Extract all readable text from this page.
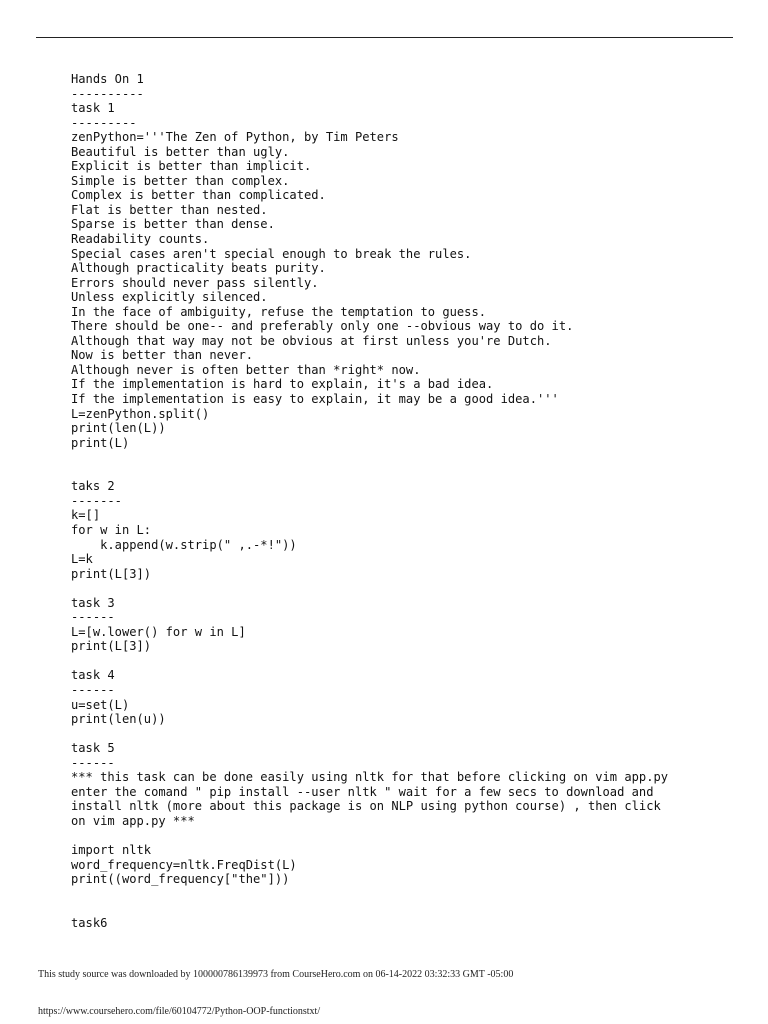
Hands On 1
----------
task 1
---------
zenPython='''The Zen of Python, by Tim Peters
Beautiful is better than ugly.
Explicit is better than implicit.
Simple is better than complex.
Complex is better than complicated.
Flat is better than nested.
Sparse is better than dense.
Readability counts.
Special cases aren't special enough to break the rules.
Although practicality beats purity.
Errors should never pass silently.
Unless explicitly silenced.
In the face of ambiguity, refuse the temptation to guess.
There should be one-- and preferably only one --obvious way to do it.
Although that way may not be obvious at first unless you're Dutch.
Now is better than never.
Although never is often better than *right* now.
If the implementation is hard to explain, it's a bad idea.
If the implementation is easy to explain, it may be a good idea.'''
L=zenPython.split()
print(len(L))
print(L)
taks 2
-------
k=[]
for w in L:
k.append(w.strip(" ,.-*!"))
L=k
print(L[3])
task 3
------
L=[w.lower() for w in L]
print(L[3])
task 4
------
u=set(L)
print(len(u))
task 5
------
*** this task can be done easily using nltk for that before clicking on vim app.py
enter the comand " pip install --user nltk " wait for a few secs to download and
install nltk (more about this package is on NLP using python course) , then click
on vim app.py ***
import nltk
word_frequency=nltk.FreqDist(L)
print((word_frequency["the"]))
task6
This study source was downloaded by 100000786139973 from CourseHero.com on 06-14-2022 03:32:33 GMT -05:00
https://www.coursehero.com/file/60104772/Python-OOP-functionstxt/
